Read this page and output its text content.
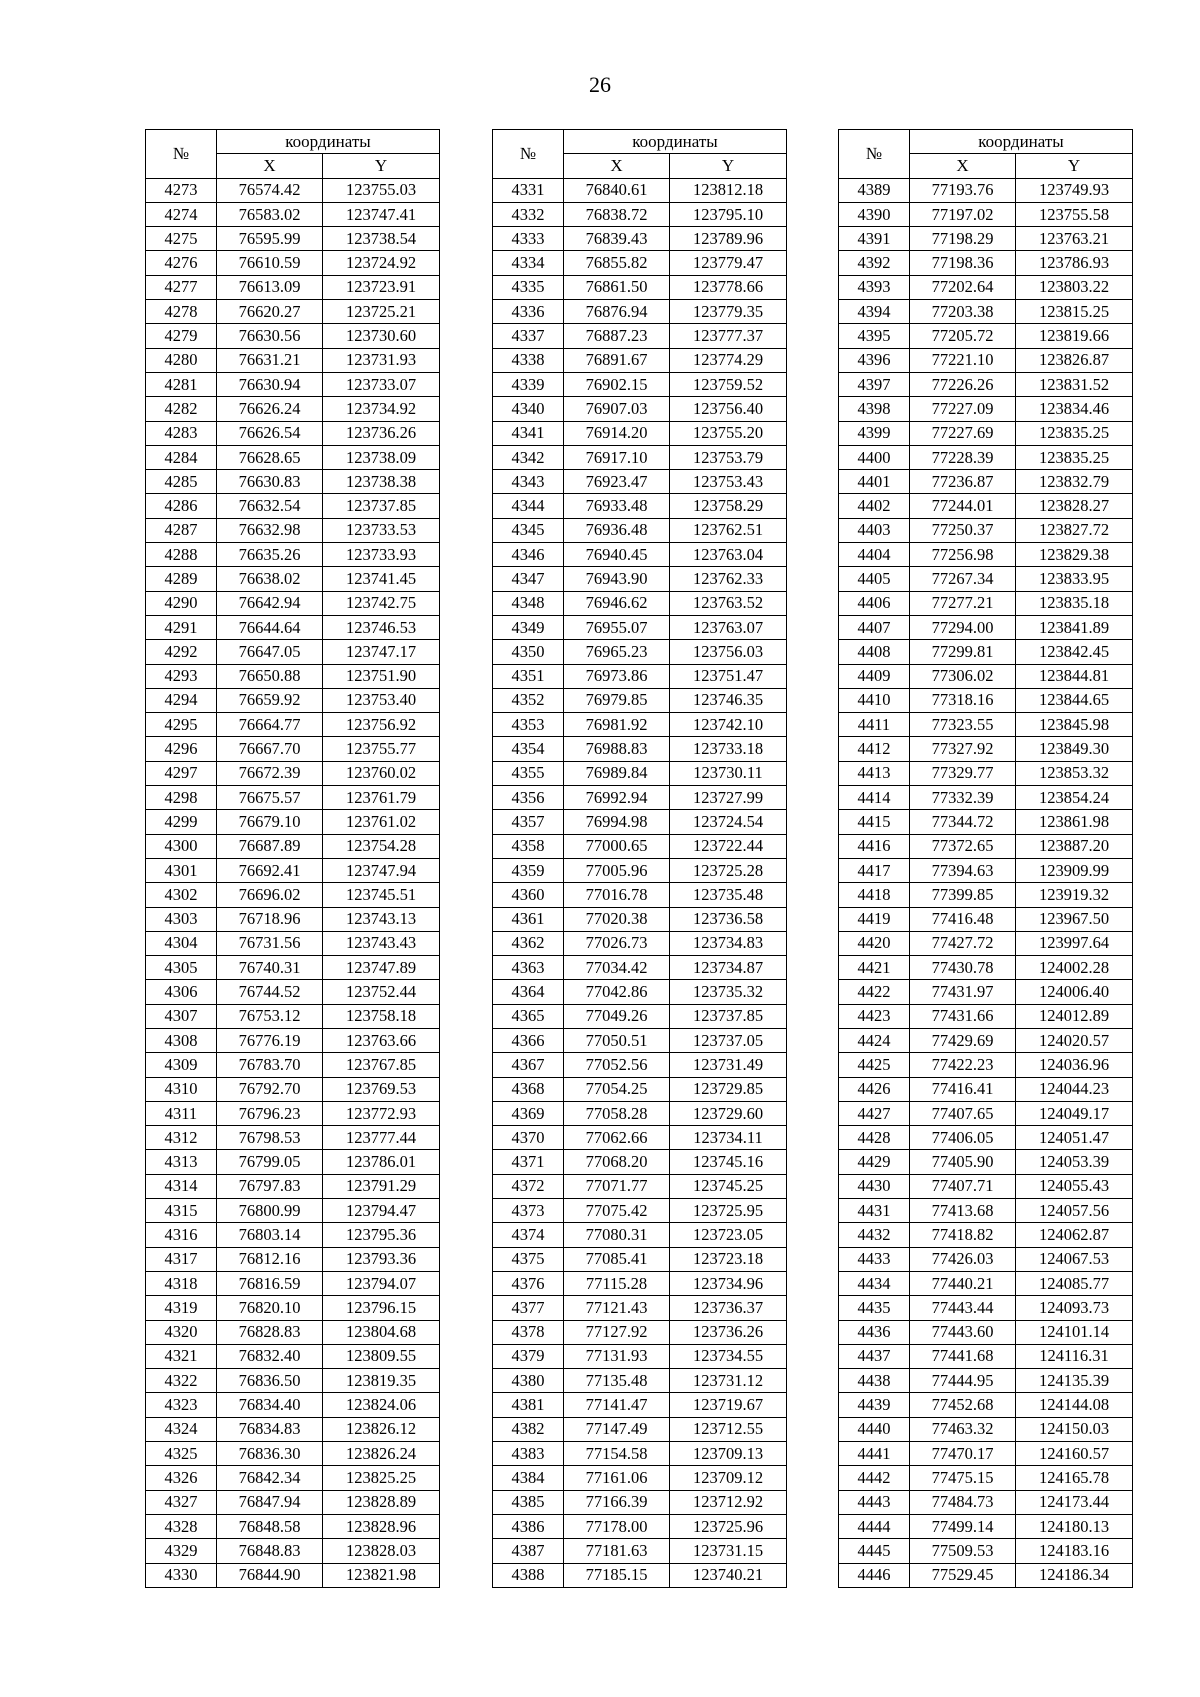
26
№	координаты	
	X	Y
4273	76574.42	123755.03
4274	76583.02	123747.41
4275	76595.99	123738.54
4276	76610.59	123724.92
4277	76613.09	123723.91
4278	76620.27	123725.21
4279	76630.56	123730.60
4280	76631.21	123731.93
4281	76630.94	123733.07
4282	76626.24	123734.92
4283	76626.54	123736.26
4284	76628.65	123738.09
4285	76630.83	123738.38
4286	76632.54	123737.85
4287	76632.98	123733.53
4288	76635.26	123733.93
4289	76638.02	123741.45
4290	76642.94	123742.75
4291	76644.64	123746.53
4292	76647.05	123747.17
4293	76650.88	123751.90
4294	76659.92	123753.40
4295	76664.77	123756.92
4296	76667.70	123755.77
4297	76672.39	123760.02
4298	76675.57	123761.79
4299	76679.10	123761.02
4300	76687.89	123754.28
4301	76692.41	123747.94
4302	76696.02	123745.51
4303	76718.96	123743.13
4304	76731.56	123743.43
4305	76740.31	123747.89
4306	76744.52	123752.44
4307	76753.12	123758.18
4308	76776.19	123763.66
4309	76783.70	123767.85
4310	76792.70	123769.53
4311	76796.23	123772.93
4312	76798.53	123777.44
4313	76799.05	123786.01
4314	76797.83	123791.29
4315	76800.99	123794.47
4316	76803.14	123795.36
4317	76812.16	123793.36
4318	76816.59	123794.07
4319	76820.10	123796.15
4320	76828.83	123804.68
4321	76832.40	123809.55
4322	76836.50	123819.35
4323	76834.40	123824.06
4324	76834.83	123826.12
4325	76836.30	123826.24
4326	76842.34	123825.25
4327	76847.94	123828.89
4328	76848.58	123828.96
4329	76848.83	123828.03
4330	76844.90	123821.98
№	координаты	
	X	Y
4331	76840.61	123812.18
4332	76838.72	123795.10
4333	76839.43	123789.96
4334	76855.82	123779.47
4335	76861.50	123778.66
4336	76876.94	123779.35
4337	76887.23	123777.37
4338	76891.67	123774.29
4339	76902.15	123759.52
4340	76907.03	123756.40
4341	76914.20	123755.20
4342	76917.10	123753.79
4343	76923.47	123753.43
4344	76933.48	123758.29
4345	76936.48	123762.51
4346	76940.45	123763.04
4347	76943.90	123762.33
4348	76946.62	123763.52
4349	76955.07	123763.07
4350	76965.23	123756.03
4351	76973.86	123751.47
4352	76979.85	123746.35
4353	76981.92	123742.10
4354	76988.83	123733.18
4355	76989.84	123730.11
4356	76992.94	123727.99
4357	76994.98	123724.54
4358	77000.65	123722.44
4359	77005.96	123725.28
4360	77016.78	123735.48
4361	77020.38	123736.58
4362	77026.73	123734.83
4363	77034.42	123734.87
4364	77042.86	123735.32
4365	77049.26	123737.85
4366	77050.51	123737.05
4367	77052.56	123731.49
4368	77054.25	123729.85
4369	77058.28	123729.60
4370	77062.66	123734.11
4371	77068.20	123745.16
4372	77071.77	123745.25
4373	77075.42	123725.95
4374	77080.31	123723.05
4375	77085.41	123723.18
4376	77115.28	123734.96
4377	77121.43	123736.37
4378	77127.92	123736.26
4379	77131.93	123734.55
4380	77135.48	123731.12
4381	77141.47	123719.67
4382	77147.49	123712.55
4383	77154.58	123709.13
4384	77161.06	123709.12
4385	77166.39	123712.92
4386	77178.00	123725.96
4387	77181.63	123731.15
4388	77185.15	123740.21
№	координаты	
	X	Y
4389	77193.76	123749.93
4390	77197.02	123755.58
4391	77198.29	123763.21
4392	77198.36	123786.93
4393	77202.64	123803.22
4394	77203.38	123815.25
4395	77205.72	123819.66
4396	77221.10	123826.87
4397	77226.26	123831.52
4398	77227.09	123834.46
4399	77227.69	123835.25
4400	77228.39	123835.25
4401	77236.87	123832.79
4402	77244.01	123828.27
4403	77250.37	123827.72
4404	77256.98	123829.38
4405	77267.34	123833.95
4406	77277.21	123835.18
4407	77294.00	123841.89
4408	77299.81	123842.45
4409	77306.02	123844.81
4410	77318.16	123844.65
4411	77323.55	123845.98
4412	77327.92	123849.30
4413	77329.77	123853.32
4414	77332.39	123854.24
4415	77344.72	123861.98
4416	77372.65	123887.20
4417	77394.63	123909.99
4418	77399.85	123919.32
4419	77416.48	123967.50
4420	77427.72	123997.64
4421	77430.78	124002.28
4422	77431.97	124006.40
4423	77431.66	124012.89
4424	77429.69	124020.57
4425	77422.23	124036.96
4426	77416.41	124044.23
4427	77407.65	124049.17
4428	77406.05	124051.47
4429	77405.90	124053.39
4430	77407.71	124055.43
4431	77413.68	124057.56
4432	77418.82	124062.87
4433	77426.03	124067.53
4434	77440.21	124085.77
4435	77443.44	124093.73
4436	77443.60	124101.14
4437	77441.68	124116.31
4438	77444.95	124135.39
4439	77452.68	124144.08
4440	77463.32	124150.03
4441	77470.17	124160.57
4442	77475.15	124165.78
4443	77484.73	124173.44
4444	77499.14	124180.13
4445	77509.53	124183.16
4446	77529.45	124186.34
